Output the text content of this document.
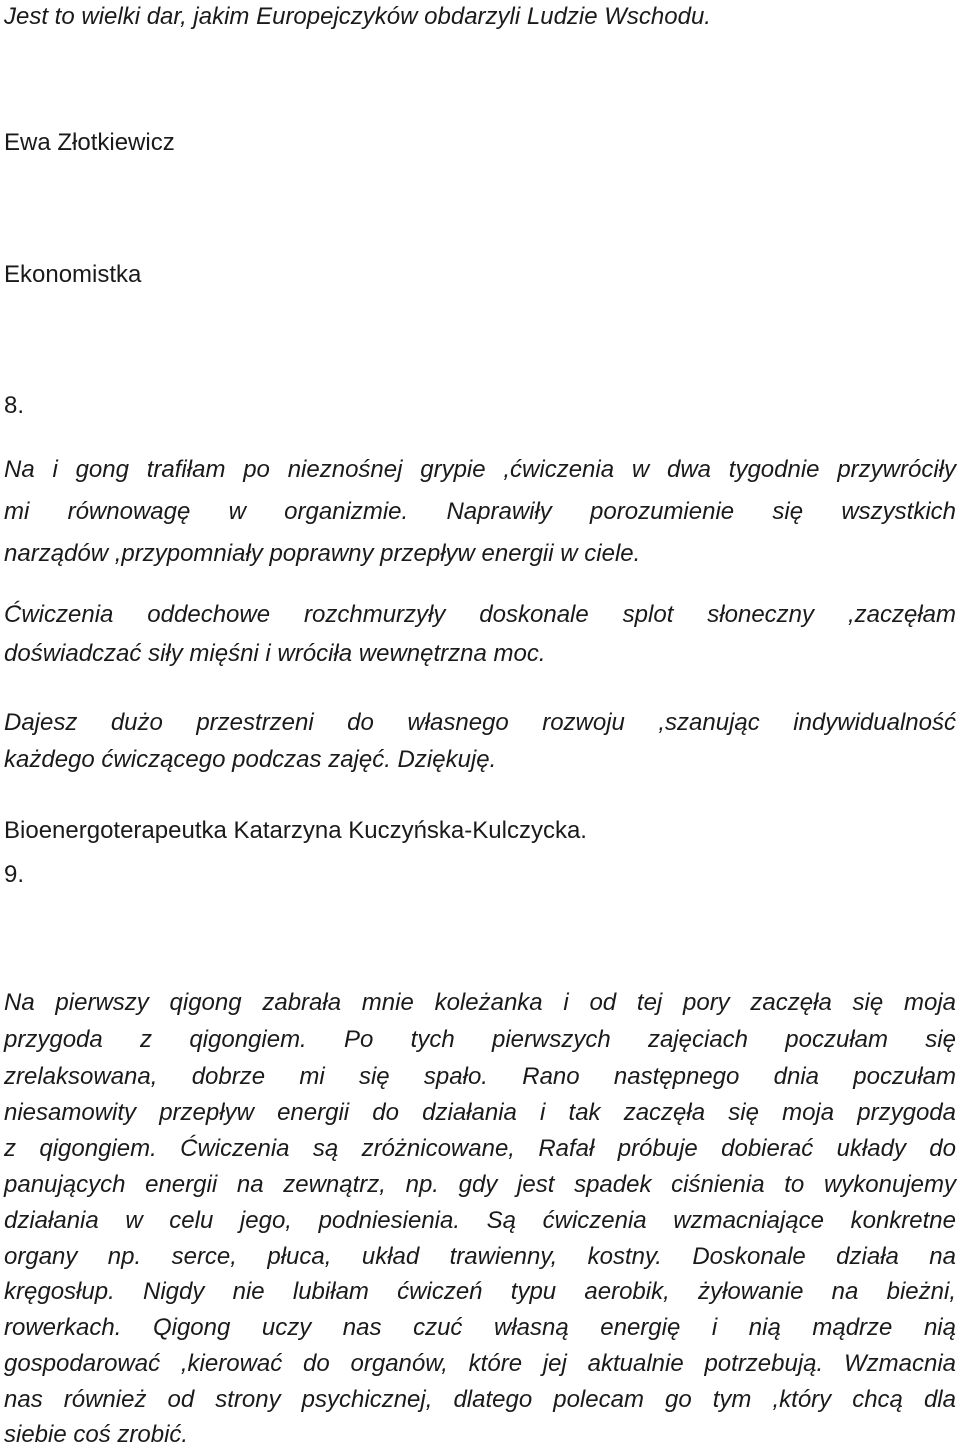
Jest to wielki dar, jakim Europejczyków obdarzyli Ludzie Wschodu.

Ewa Złotkiewicz

Ekonomistka

8.

Na i gong trafiłam po nieznośnej grypie ,ćwiczenia w dwa tygodnie przywróciły

mi równowagę w organizmie. Naprawiły porozumienie się wszystkich

narządów ,przypomniały poprawny przepływ energii w ciele.

Ćwiczenia oddechowe rozchmurzyły doskonale splot słoneczny ,zaczęłam

doświadczać siły mięśni i wróciła wewnętrzna moc.

Dajesz dużo przestrzeni do własnego rozwoju ,szanując indywidualność

każdego ćwiczącego podczas zajęć. Dziękuję.

Bioenergoterapeutka Katarzyna Kuczyńska-Kulczycka.

9.

Na pierwszy qigong zabrała mnie koleżanka i od tej pory zaczęła się moja

przygoda z qigongiem. Po tych pierwszych zajęciach poczułam się

zrelaksowana, dobrze mi się spało. Rano następnego dnia poczułam

niesamowity przepływ energii do działania i tak zaczęła się moja przygoda

z qigongiem. Ćwiczenia są zróżnicowane, Rafał próbuje dobierać układy do

panujących energii na zewnątrz, np. gdy jest spadek ciśnienia to wykonujemy

działania w celu jego, podniesienia. Są ćwiczenia wzmacniające konkretne

organy np. serce, płuca, układ trawienny, kostny. Doskonale działa na

kręgosłup. Nigdy nie lubiłam ćwiczeń typu aerobik, żyłowanie na bieżni,

rowerkach. Qigong uczy nas czuć własną energię i nią mądrze nią

gospodarować ,kierować do organów, które jej aktualnie potrzebują. Wzmacnia

nas również od strony psychicznej, dlatego polecam go tym ,który chcą dla

siebie coś zrobić.
